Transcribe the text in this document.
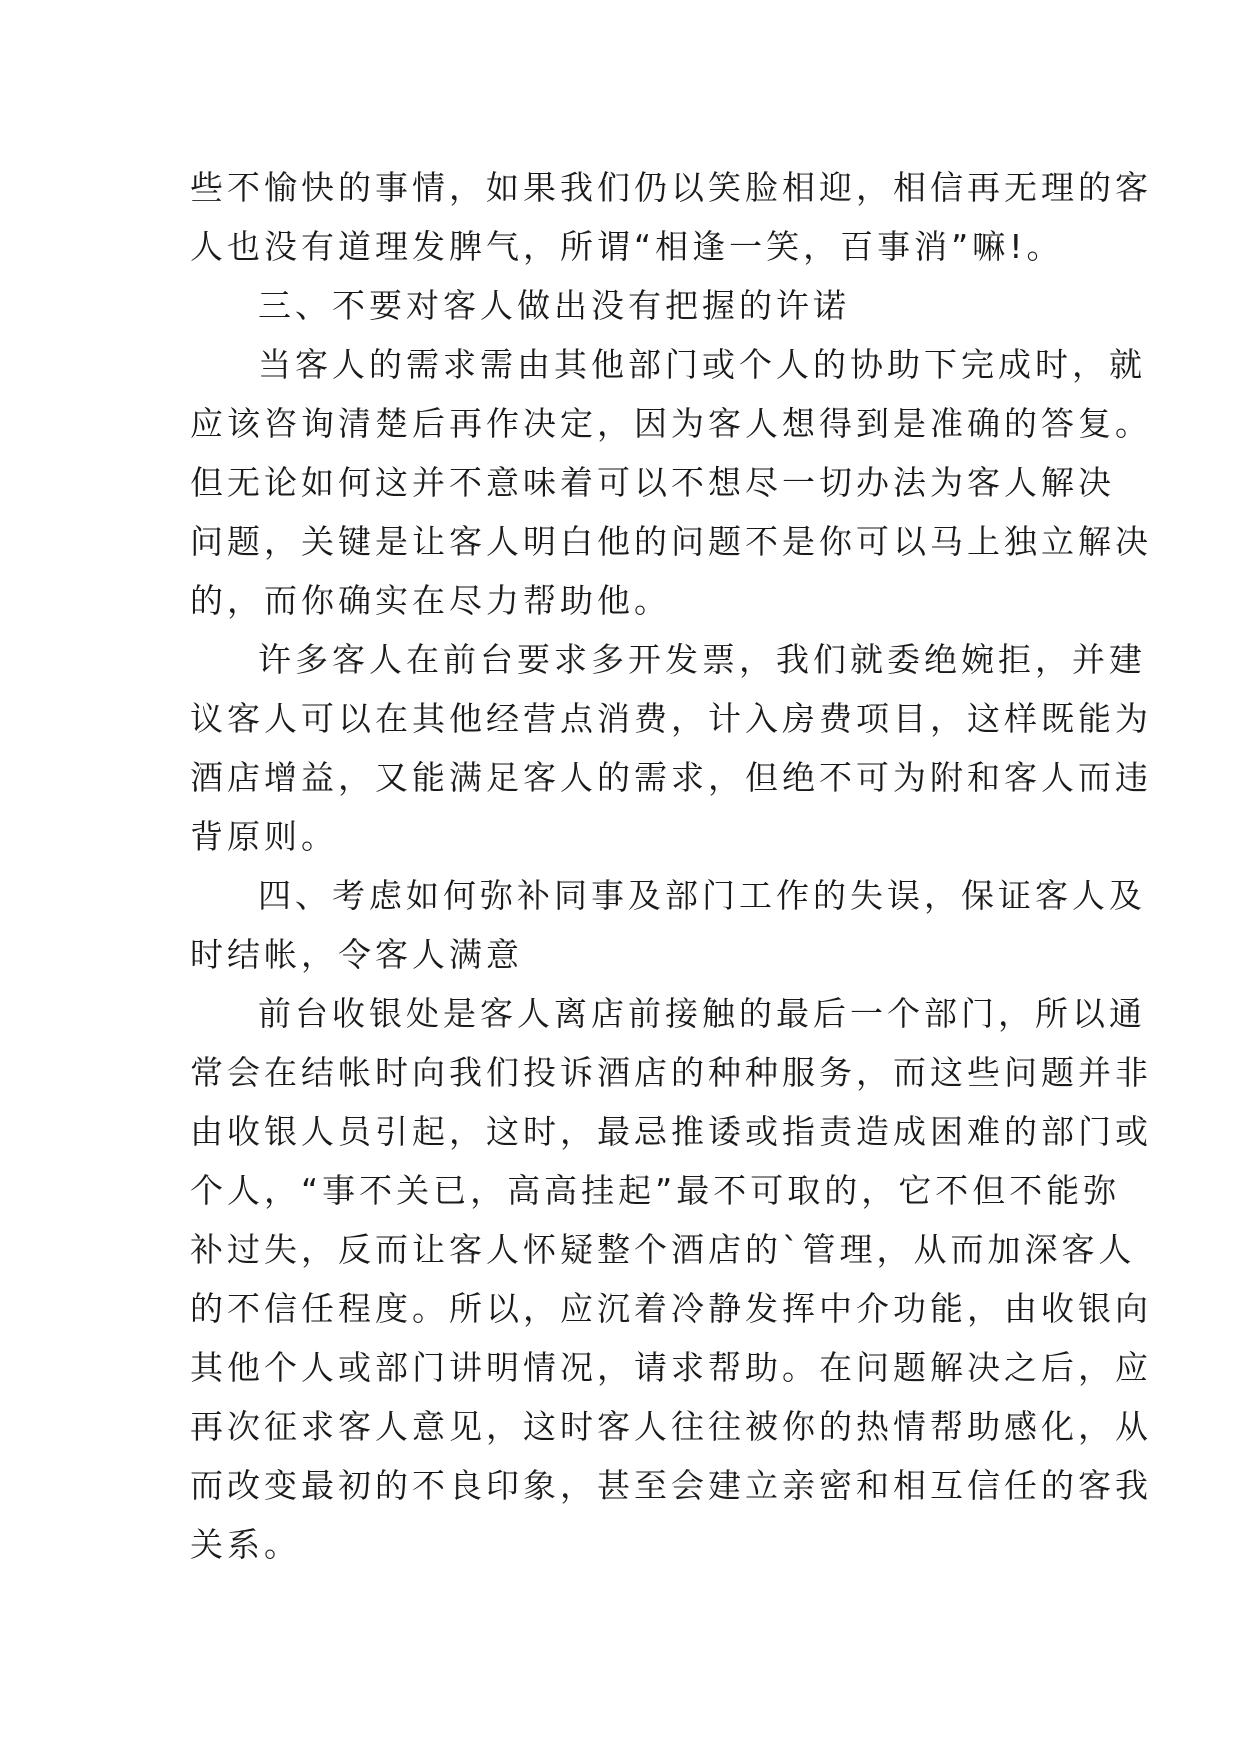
些 不 愉 快 的 事 情 ， 如 果 我 们 仍 以 笑 脸 相 迎 ， 相 信 再 无 理 的 客
人 也 没 有 道 理 发 脾 气 ， 所 谓 “ 相 逢 一 笑 ， 百 事 消 ” 嘛 ! 。
三 、 不 要 对 客 人 做 出 没 有 把 握 的 许 诺
当 客 人 的 需 求 需 由 其 他 部 门 或 个 人 的 协 助 下 完 成 时 ， 就
应 该 咨 询 清 楚 后 再 作 决 定 ， 因 为 客 人 想 得 到 是 准 确 的 答 复 。
但 无 论 如 何 这 并 不 意 味 着 可 以 不 想 尽 一 切 办 法 为 客 人 解 决
问 题 ， 关 键 是 让 客 人 明 白 他 的 问 题 不 是 你 可 以 马 上 独 立 解 决
的 ， 而 你 确 实 在 尽 力 帮 助 他 。
许 多 客 人 在 前 台 要 求 多 开 发 票 ， 我 们 就 委 绝 婉 拒 ， 并 建
议 客 人 可 以 在 其 他 经 营 点 消 费 ， 计 入 房 费 项 目 ， 这 样 既 能 为
酒 店 增 益 ， 又 能 满 足 客 人 的 需 求 ， 但 绝 不 可 为 附 和 客 人 而 违
背 原 则 。
四 、 考 虑 如 何 弥 补 同 事 及 部 门 工 作 的 失 误 ， 保 证 客 人 及
时 结 帐 ， 令 客 人 满 意
前 台 收 银 处 是 客 人 离 店 前 接 触 的 最 后 一 个 部 门 ， 所 以 通
常 会 在 结 帐 时 向 我 们 投 诉 酒 店 的 种 种 服 务 ， 而 这 些 问 题 并 非
由 收 银 人 员 引 起 ， 这 时 ， 最 忌 推 诿 或 指 责 造 成 困 难 的 部 门 或
个 人 ， “ 事 不 关 已 ， 高 高 挂 起 ” 最 不 可 取 的 ， 它 不 但 不 能 弥
补 过 失 ， 反 而 让 客 人 怀 疑 整 个 酒 店 的 ` 管 理 ， 从 而 加 深 客 人
的 不 信 任 程 度 。 所 以 ， 应 沉 着 冷 静 发 挥 中 介 功 能 ， 由 收 银 向
其 他 个 人 或 部 门 讲 明 情 况 ， 请 求 帮 助 。 在 问 题 解 决 之 后 ， 应
再 次 征 求 客 人 意 见 ， 这 时 客 人 往 往 被 你 的 热 情 帮 助 感 化 ， 从
而 改 变 最 初 的 不 良 印 象 ， 甚 至 会 建 立 亲 密 和 相 互 信 任 的 客 我
关 系 。
